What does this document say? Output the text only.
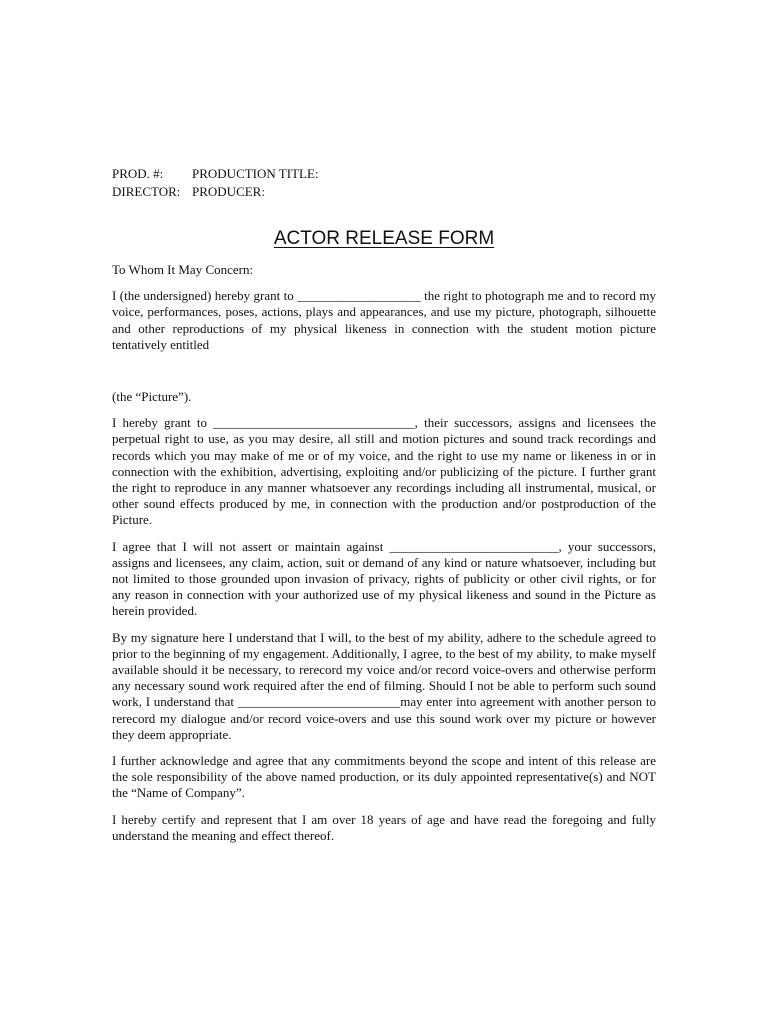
PROD. #:	PRODUCTION TITLE:
DIRECTOR: PRODUCER:
ACTOR RELEASE FORM

To Whom It May Concern:

I (the undersigned) hereby grant to ___________________ the right to photograph me and to record my voice, performances, poses, actions, plays and appearances, and use my picture, photograph, silhouette and other reproductions of my physical likeness in connection with the student motion picture tentatively entitled

(the “Picture”).

I hereby grant to _______________________________, their successors, assigns and licensees the perpetual right to use, as you may desire, all still and motion pictures and sound track recordings and records which you may make of me or of my voice, and the right to use my name or likeness in or in connection with the exhibition, advertising, exploiting and/or publicizing of the picture. I further grant the right to reproduce in any manner whatsoever any recordings including all instrumental, musical, or other sound effects produced by me, in connection with the production and/or postproduction of the Picture.

I agree that I will not assert or maintain against __________________________, your successors, assigns and licensees, any claim, action, suit or demand of any kind or nature whatsoever, including but not limited to those grounded upon invasion of privacy, rights of publicity or other civil rights, or for any reason in connection with your authorized use of my physical likeness and sound in the Picture as herein provided.

By my signature here I understand that I will, to the best of my ability, adhere to the schedule agreed to prior to the beginning of my engagement. Additionally, I agree, to the best of my ability, to make myself available should it be necessary, to rerecord my voice and/or record voice-overs and otherwise perform any necessary sound work required after the end of filming. Should I not be able to perform such sound work, I understand that _________________________may enter into agreement with another person to rerecord my dialogue and/or record voice-overs and use this sound work over my picture or however they deem appropriate.

I further acknowledge and agree that any commitments beyond the scope and intent of this release are the sole responsibility of the above named production, or its duly appointed representative(s) and NOT the “Name of Company”.

I hereby certify and represent that I am over 18 years of age and have read the foregoing and fully understand the meaning and effect thereof.
